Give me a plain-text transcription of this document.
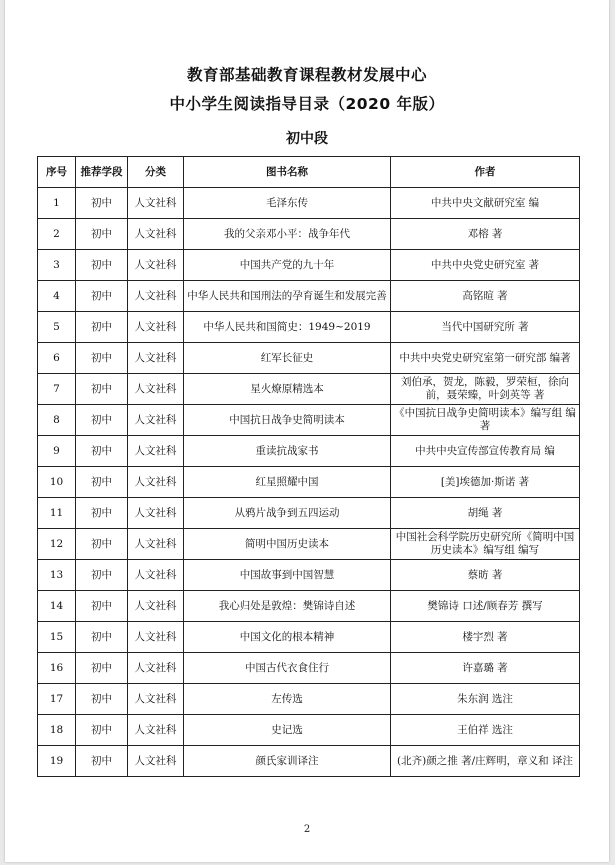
教育部基础教育课程教材发展中心
中小学生阅读指导目录（2020 年版）
初中段
序号	推荐学段	分类	图书名称	作者
1	初中	人文社科	毛泽东传	中共中央文献研究室 编
2	初中	人文社科	我的父亲邓小平：战争年代	邓榕 著
3	初中	人文社科	中国共产党的九十年	中共中央党史研究室 著
4	初中	人文社科	中华人民共和国刑法的孕育诞生和发展完善	高铭暄 著
5	初中	人文社科	中华人民共和国简史：1949~2019	当代中国研究所 著
6	初中	人文社科	红军长征史	中共中央党史研究室第一研究部 编著
7	初中	人文社科	星火燎原精选本	刘伯承，贺龙，陈毅，罗荣桓，徐向前，聂荣臻，叶剑英等 著
8	初中	人文社科	中国抗日战争史简明读本	《中国抗日战争史简明读本》编写组 编著
9	初中	人文社科	重读抗战家书	中共中央宣传部宣传教育局 编
10	初中	人文社科	红星照耀中国	[美]埃德加·斯诺 著
11	初中	人文社科	从鸦片战争到五四运动	胡绳 著
12	初中	人文社科	简明中国历史读本	中国社会科学院历史研究所《简明中国历史读本》编写组 编写
13	初中	人文社科	中国故事到中国智慧	蔡昉 著
14	初中	人文社科	我心归处是敦煌：樊锦诗自述	樊锦诗 口述/顾春芳 撰写
15	初中	人文社科	中国文化的根本精神	楼宇烈 著
16	初中	人文社科	中国古代衣食住行	许嘉璐 著
17	初中	人文社科	左传选	朱东润 选注
18	初中	人文社科	史记选	王伯祥 选注
19	初中	人文社科	颜氏家训译注	(北齐)颜之推 著/庄辉明，章义和 译注
2
